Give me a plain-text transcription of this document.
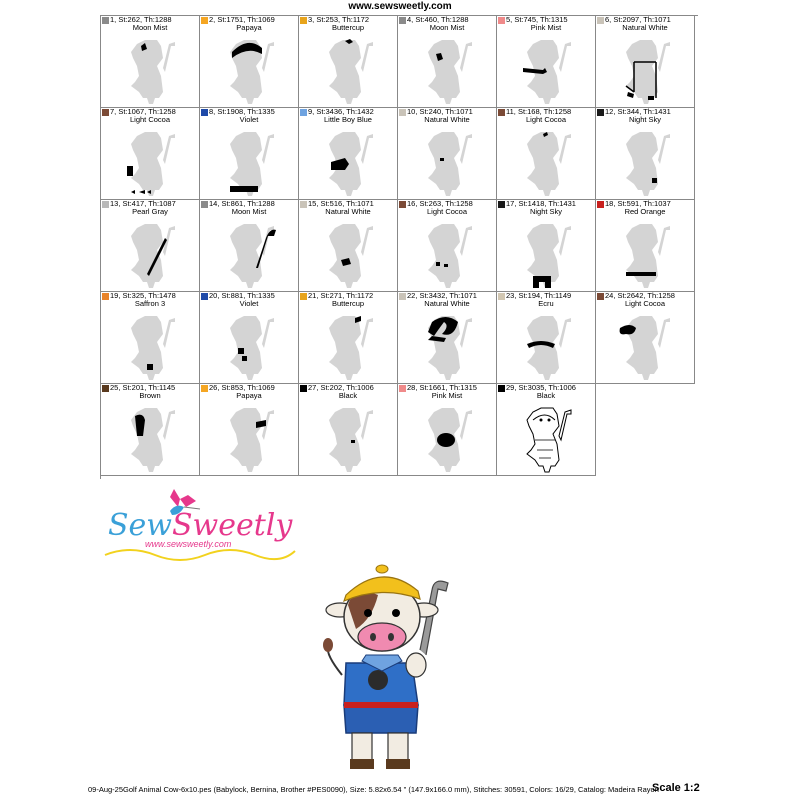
www.sewsweetly.com
1, St:262, Th:1288
Moon Mist
2, St:1751, Th:1069
Papaya
3, St:253, Th:1172
Buttercup
4, St:460, Th:1288
Moon Mist
5, St:745, Th:1315
Pink Mist
6, St:2097, Th:1071
Natural White
7, St:1067, Th:1258
Light Cocoa
8, St:1908, Th:1335
Violet
9, St:3436, Th:1432
Little Boy Blue
10, St:240, Th:1071
Natural White
11, St:168, Th:1258
Light Cocoa
12, St:344, Th:1431
Night Sky
13, St:417, Th:1087
Pearl Gray
14, St:861, Th:1288
Moon Mist
15, St:516, Th:1071
Natural White
16, St:263, Th:1258
Light Cocoa
17, St:1418, Th:1431
Night Sky
18, St:591, Th:1037
Red Orange
19, St:325, Th:1478
Saffron 3
20, St:881, Th:1335
Violet
21, St:271, Th:1172
Buttercup
22, St:3432, Th:1071
Natural White
23, St:194, Th:1149
Ecru
24, St:2642, Th:1258
Light Cocoa
25, St:201, Th:1145
Brown
26, St:853, Th:1069
Papaya
27, St:202, Th:1006
Black
28, St:1661, Th:1315
Pink Mist
29, St:3035, Th:1006
Black
Sew Sweetly
www.sewsweetly.com
09-Aug-25Golf Animal Cow-6x10.pes (Babylock, Bernina, Brother #PES0090), Size: 5.82x6.54 " (147.9x166.0 mm), Stitches: 30591, Colors: 16/29, Catalog: Madeira Rayon
Scale 1:2
